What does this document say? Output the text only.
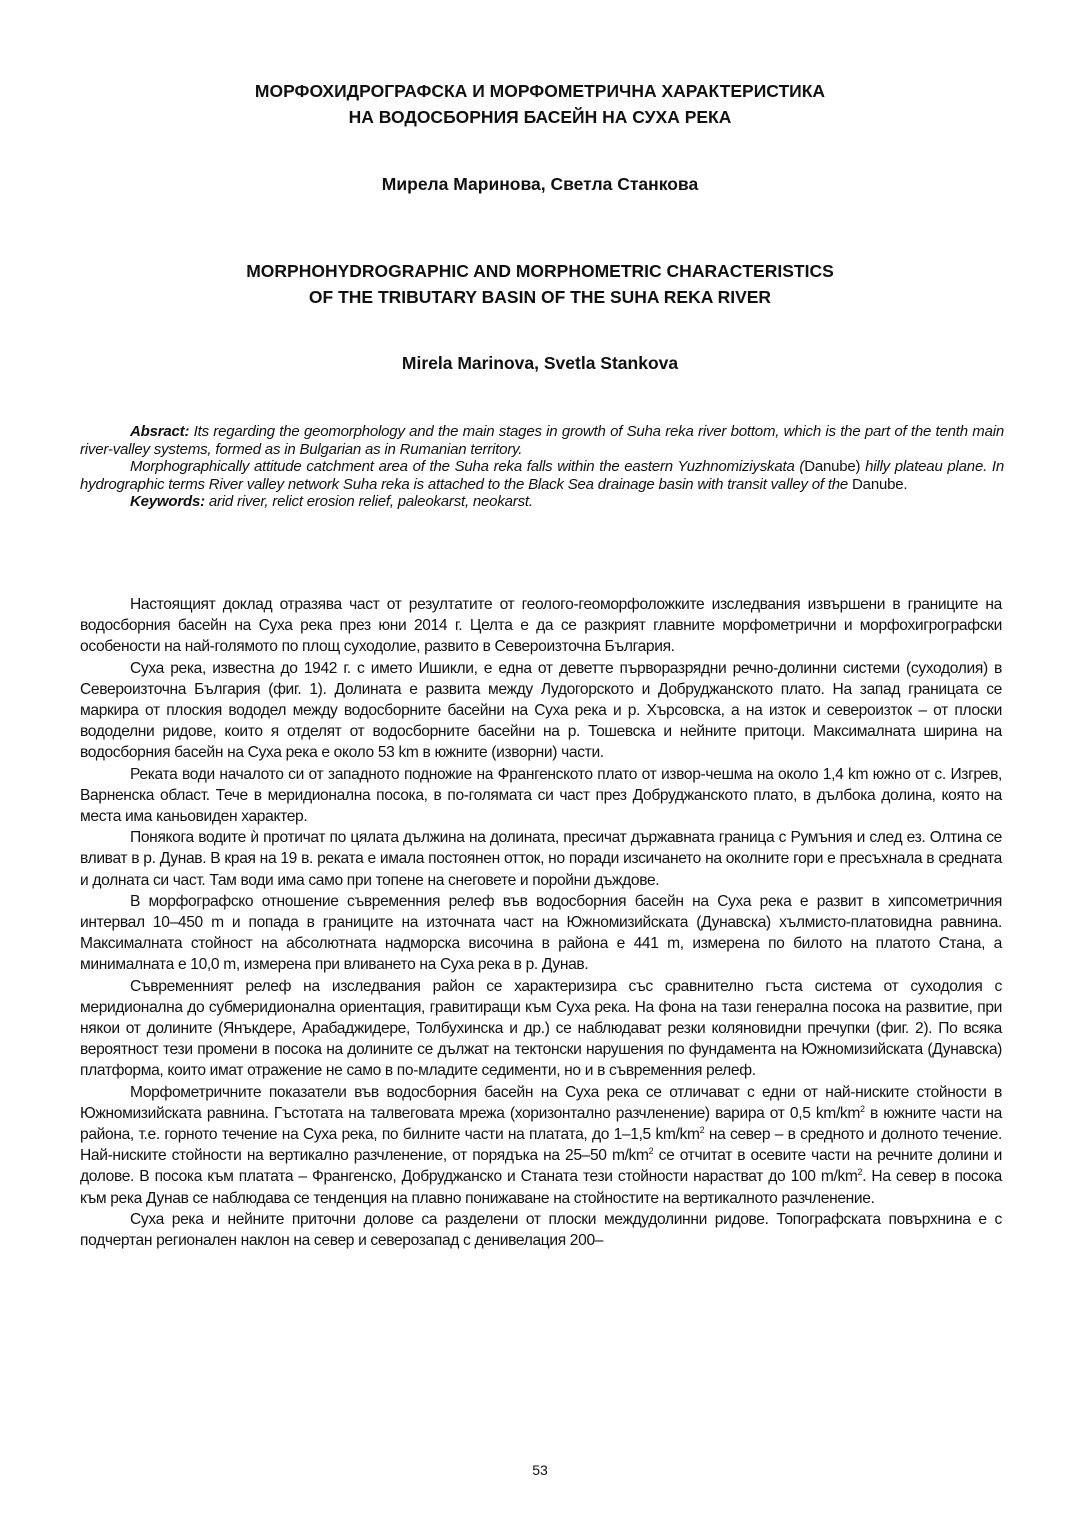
МОРФОХИДРОГРАФСКА И МОРФОМЕТРИЧНА ХАРАКТЕРИСТИКА
НА ВОДОСБОРНИЯ БАСЕЙН НА СУХА РЕКА
Мирела Маринова, Светла Станкова
MORPHOHYDROGRAPHIC AND MORPHOMETRIC CHARACTERISTICS
OF THE TRIBUTARY BASIN OF THE SUHA REKA RIVER
Mirela Marinova, Svetla Stankova

Absract: Its regarding the geomorphology and the main stages in growth of Suha reka river bottom, which is the part of the tenth main river-valley systems, formed as in Bulgarian as in Rumanian territory.

Morphographically attitude catchment area of the Suha reka falls within the eastern Yuzhnomiziyskata (Danube) hilly plateau plane. In hydrographic terms River valley network Suha reka is attached to the Black Sea drainage basin with transit valley of the Danube.

Keywords: arid river, relict erosion relief, paleokarst, neokarst.

Настоящият доклад отразява част от резултатите от геолого-геоморфоложките изследвания извършени в границите на водосборния басейн на Суха река през юни 2014 г. Целта е да се разкрият главните морфометрични и морфохигрографски особености на най-голямото по площ суходолие, развито в Североизточна България.

Суха река, известна до 1942 г. с името Ишикли, е една от деветте първоразрядни речно-долинни системи (суходолия) в Североизточна България (фиг. 1). Долината е развита между Лудогорското и Добруджанското плато. На запад границата се маркира от плоския вододел между водосборните басейни на Суха река и р. Хърсовска, а на изток и североизток – от плоски вододелни ридове, които я отделят от водосборните басейни на р. Тошевска и нейните притоци. Максималната ширина на водосборния басейн на Суха река е около 53 km в южните (изворни) части.

Реката води началото си от западното подножие на Франгенското плато от извор-чешма на около 1,4 km южно от с. Изгрев, Варненска област. Тече в меридионална посока, в по-голямата си част през Добруджанското плато, в дълбока долина, която на места има каньовиден характер.

Понякога водите ѝ протичат по цялата дължина на долината, пресичат държавната граница с Румъния и след ез. Олтина се вливат в р. Дунав. В края на 19 в. реката е имала постоянен отток, но поради изсичането на околните гори е пресъхнала в средната и долната си част. Там води има само при топене на снеговете и поройни дъждове.

В морфографско отношение съвременния релеф във водосборния басейн на Суха река е развит в хипсометричния интервал 10–450 m и попада в границите на източната част на Южномизийската (Дунавска) хълмисто-платовидна равнина. Максималната стойност на абсолютната надморска височина в района е 441 m, измерена по билото на платото Стана, а минималната е 10,0 m, измерена при вливането на Суха река в р. Дунав.

Съвременният релеф на изследвания район се характеризира със сравнително гъста система от суходолия с меридионална до субмеридионална ориентация, гравитиращи към Суха река. На фона на тази генерална посока на развитие, при някои от долините (Янъкдере, Арабаджидере, Толбухинска и др.) се наблюдават резки коляновидни пречупки (фиг. 2). По всяка вероятност тези промени в посока на долините се дължат на тектонски нарушения по фундамента на Южномизийската (Дунавска) платформа, които имат отражение не само в по-младите седименти, но и в съвременния релеф.

Морфометричните показатели във водосборния басейн на Суха река се отличават с едни от най-ниските стойности в Южномизийската равнина. Гъстотата на талвеговата мрежа (хоризонтално разчленение) варира от 0,5 $km/km^2$ в южните части на района, т.е. горното течение на Суха река, по билните части на платата, до 1–1,5 $km/km^2$ на север – в средното и долното течение. Най-ниските стойности на вертикално разчленение, от порядъка на 25–50 $m/km^2$ се отчитат в осевите части на речните долини и долове. В посока към платата – Франгенско, Добруджанско и Станата тези стойности нарастват до 100 $m/km^2$. На север в посока към река Дунав се наблюдава се тенденция на плавно понижаване на стойностите на вертикалното разчленение.

Суха река и нейните приточни долове са разделени от плоски междудолинни ридове. Топографската повърхнина е с подчертан регионален наклон на север и северозапад с денивелация 200–

53
